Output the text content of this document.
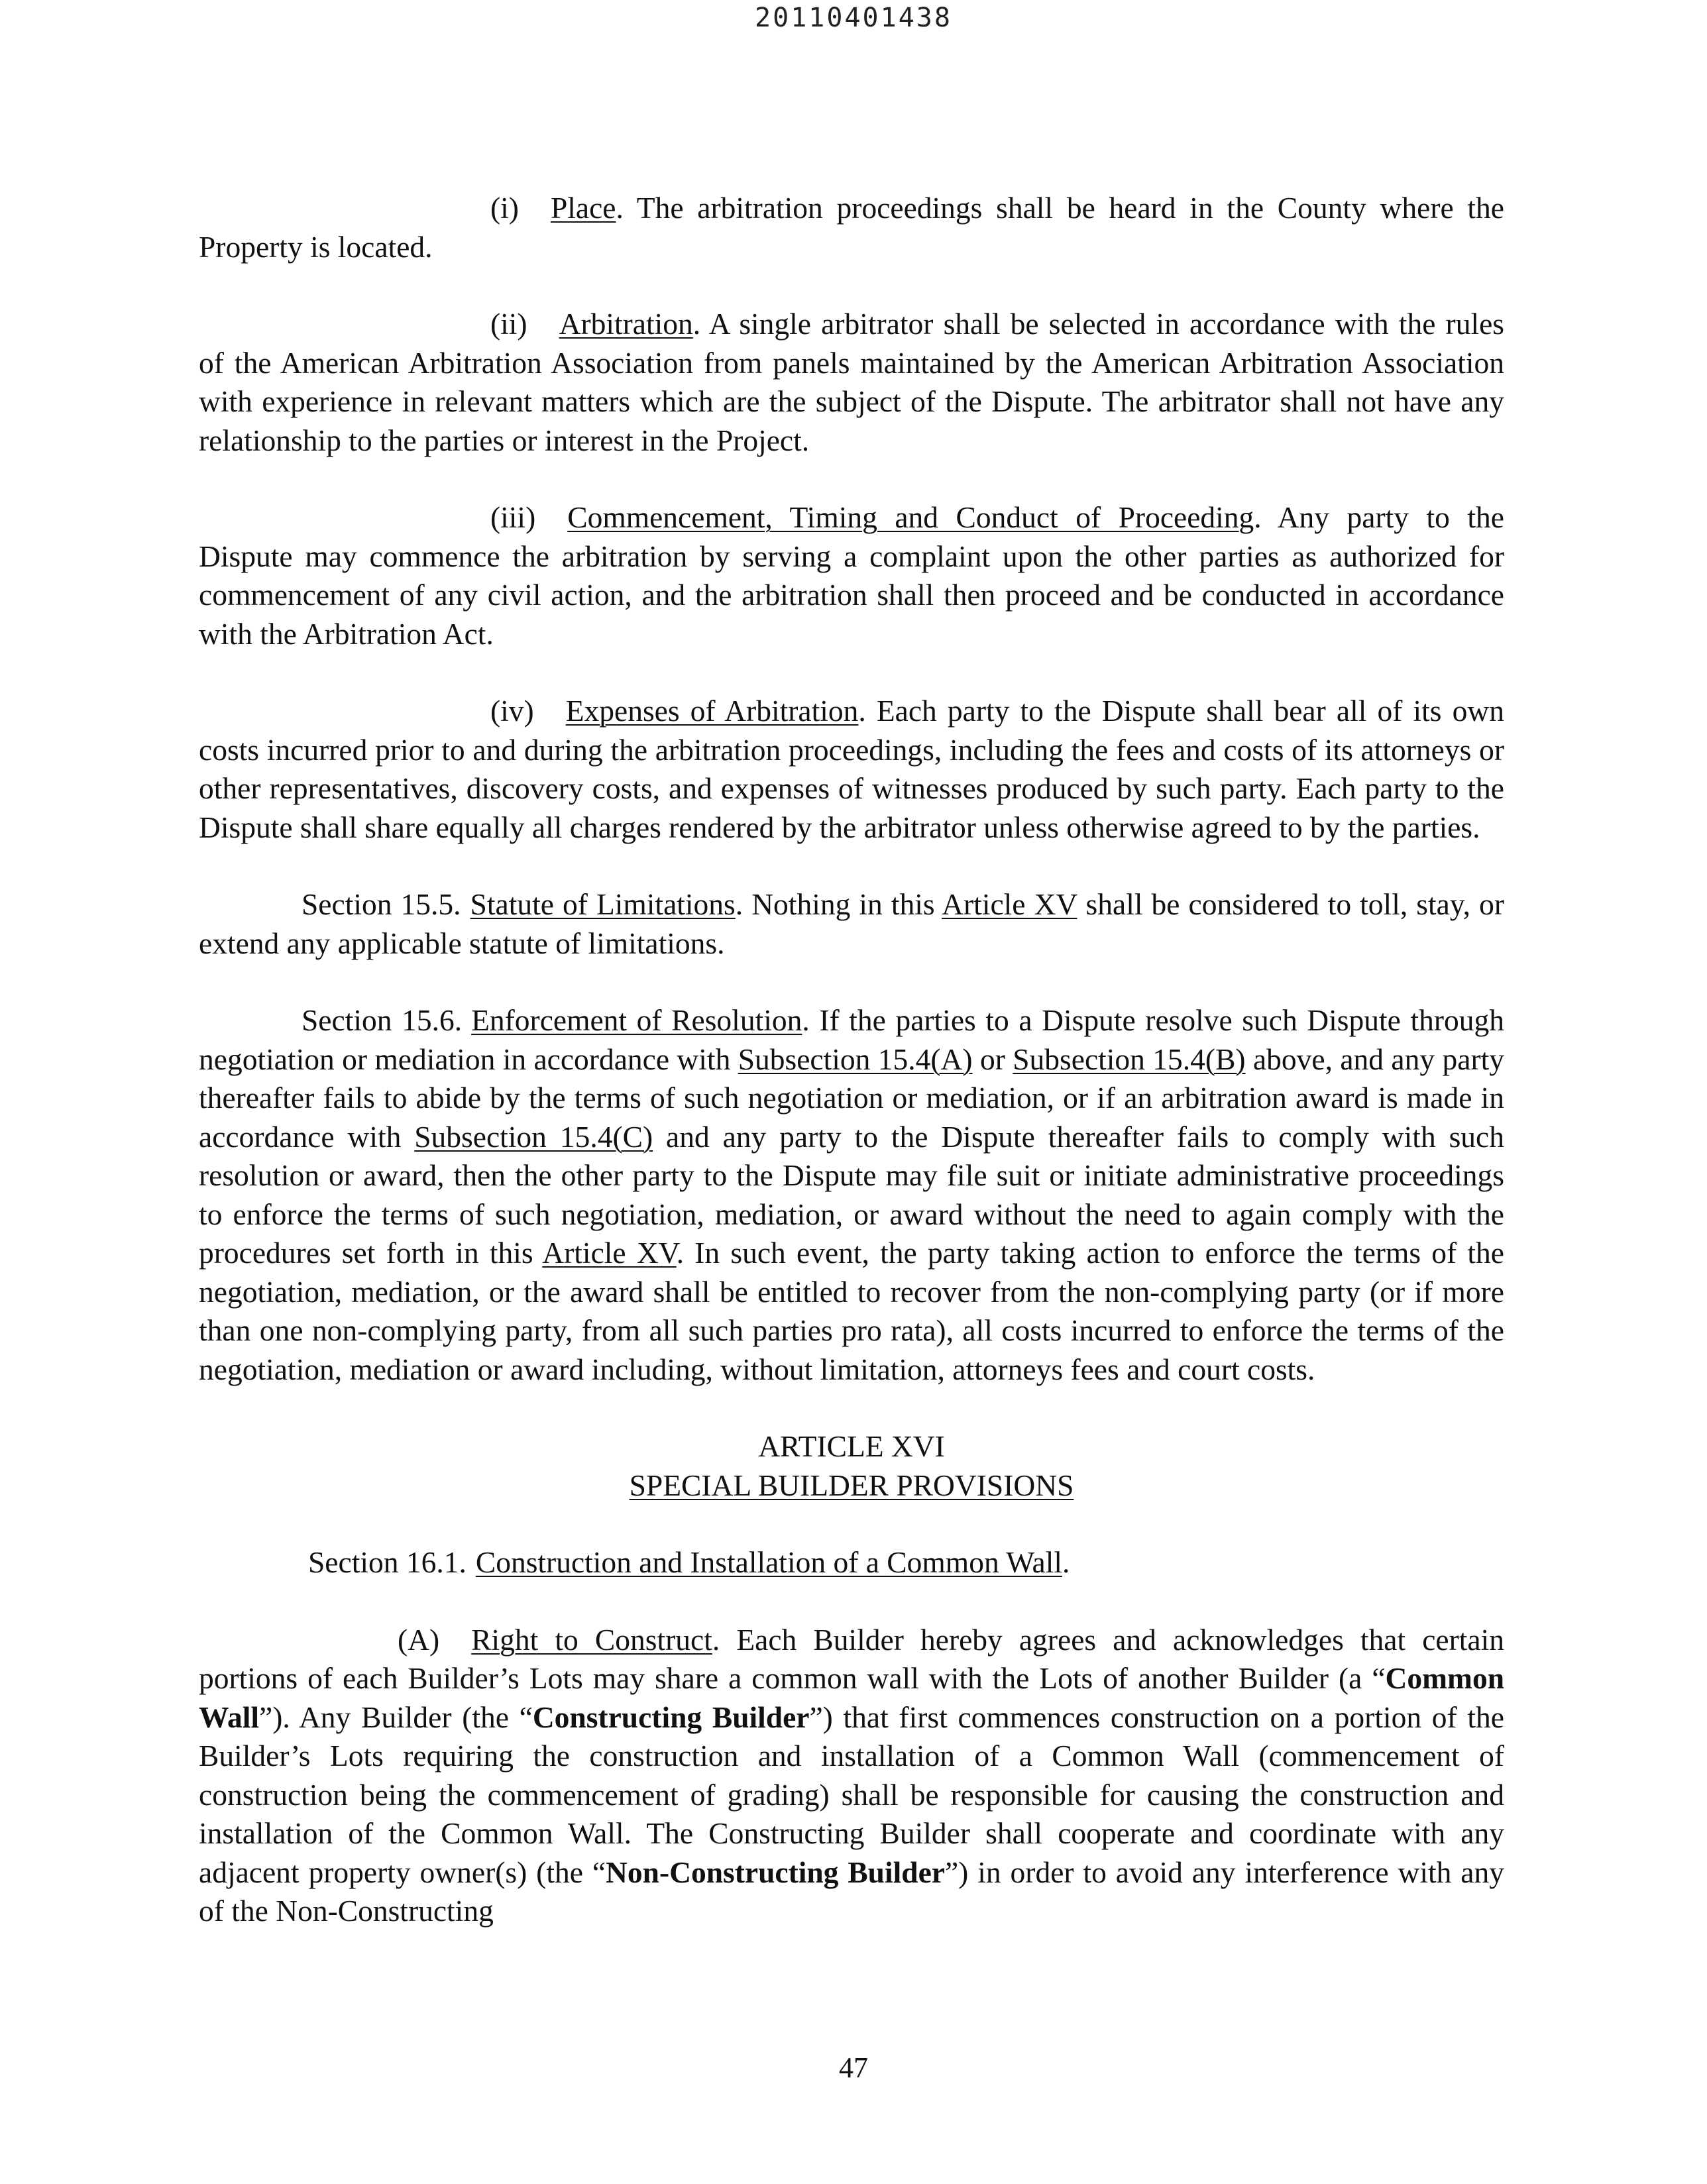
20110401438

(i) Place. The arbitration proceedings shall be heard in the County where the Property is located.

(ii) Arbitration. A single arbitrator shall be selected in accordance with the rules of the American Arbitration Association from panels maintained by the American Arbitration Association with experience in relevant matters which are the subject of the Dispute. The arbitrator shall not have any relationship to the parties or interest in the Project.

(iii) Commencement, Timing and Conduct of Proceeding. Any party to the Dispute may commence the arbitration by serving a complaint upon the other parties as authorized for commencement of any civil action, and the arbitration shall then proceed and be conducted in accordance with the Arbitration Act.

(iv) Expenses of Arbitration. Each party to the Dispute shall bear all of its own costs incurred prior to and during the arbitration proceedings, including the fees and costs of its attorneys or other representatives, discovery costs, and expenses of witnesses produced by such party. Each party to the Dispute shall share equally all charges rendered by the arbitrator unless otherwise agreed to by the parties.

Section 15.5. Statute of Limitations. Nothing in this Article XV shall be considered to toll, stay, or extend any applicable statute of limitations.

Section 15.6. Enforcement of Resolution. If the parties to a Dispute resolve such Dispute through negotiation or mediation in accordance with Subsection 15.4(A) or Subsection 15.4(B) above, and any party thereafter fails to abide by the terms of such negotiation or mediation, or if an arbitration award is made in accordance with Subsection 15.4(C) and any party to the Dispute thereafter fails to comply with such resolution or award, then the other party to the Dispute may file suit or initiate administrative proceedings to enforce the terms of such negotiation, mediation, or award without the need to again comply with the procedures set forth in this Article XV. In such event, the party taking action to enforce the terms of the negotiation, mediation, or the award shall be entitled to recover from the non-complying party (or if more than one non-complying party, from all such parties pro rata), all costs incurred to enforce the terms of the negotiation, mediation or award including, without limitation, attorneys fees and court costs.

ARTICLE XVI
SPECIAL BUILDER PROVISIONS

Section 16.1. Construction and Installation of a Common Wall.

(A) Right to Construct. Each Builder hereby agrees and acknowledges that certain portions of each Builder’s Lots may share a common wall with the Lots of another Builder (a “Common Wall”). Any Builder (the “Constructing Builder”) that first commences construction on a portion of the Builder’s Lots requiring the construction and installation of a Common Wall (commencement of construction being the commencement of grading) shall be responsible for causing the construction and installation of the Common Wall. The Constructing Builder shall cooperate and coordinate with any adjacent property owner(s) (the “Non-Constructing Builder”) in order to avoid any interference with any of the Non-Constructing

47
